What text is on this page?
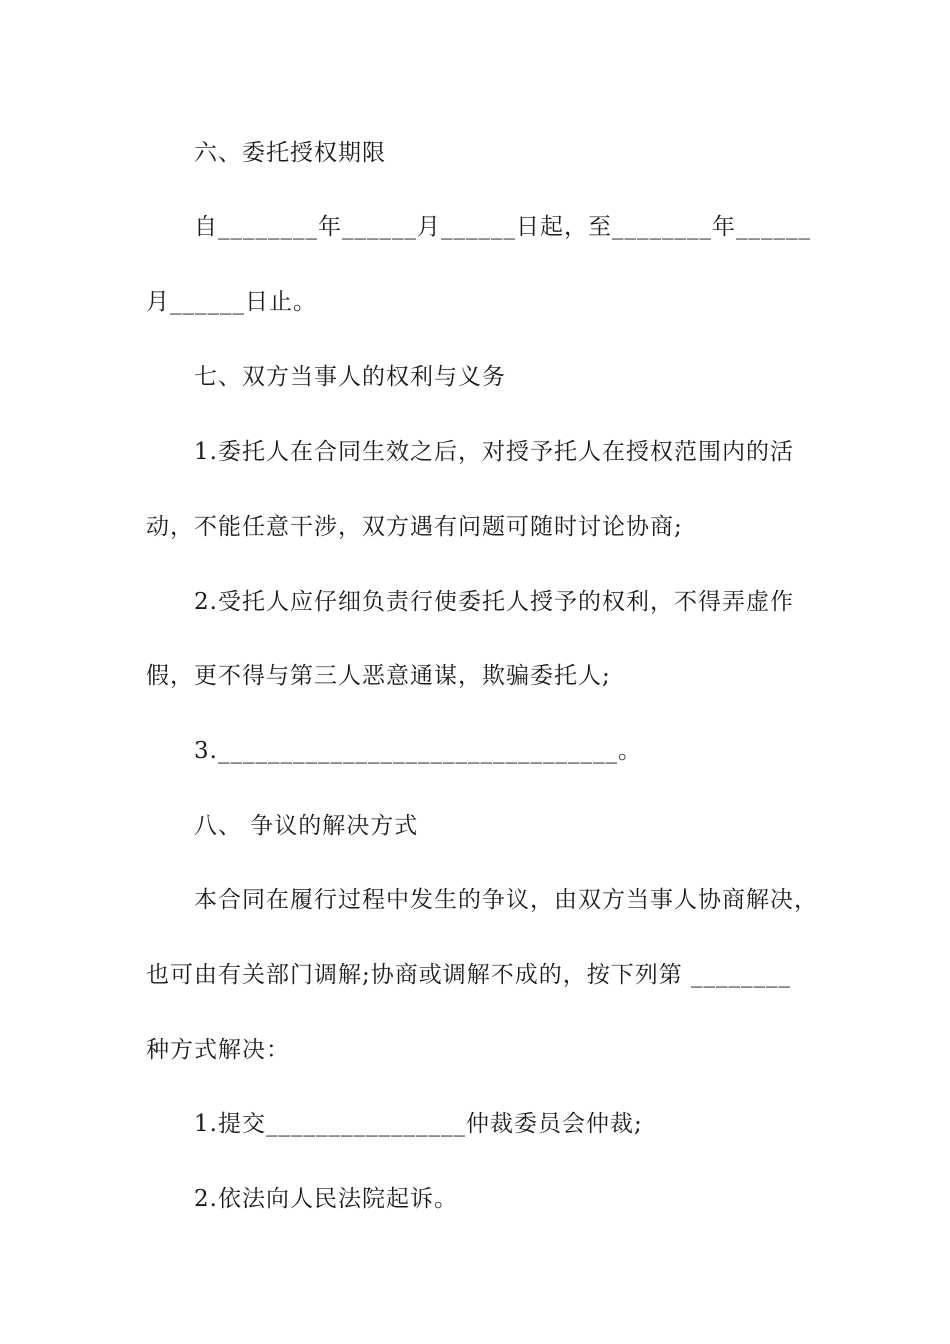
六、委托授权期限
自________年______月______日起，至________年______
月______日止。
七、双方当事人的权利与义务
1.委托人在合同生效之后，对授予托人在授权范围内的活
动，不能任意干涉，双方遇有问题可随时讨论协商;
2.受托人应仔细负责行使委托人授予的权利，不得弄虚作
假，更不得与第三人恶意通谋，欺骗委托人;
3.________________________________。
八、 争议的解决方式
本合同在履行过程中发生的争议，由双方当事人协商解决，
也可由有关部门调解;协商或调解不成的，按下列第 ________
种方式解决：
1.提交________________仲裁委员会仲裁;
2.依法向人民法院起诉。
